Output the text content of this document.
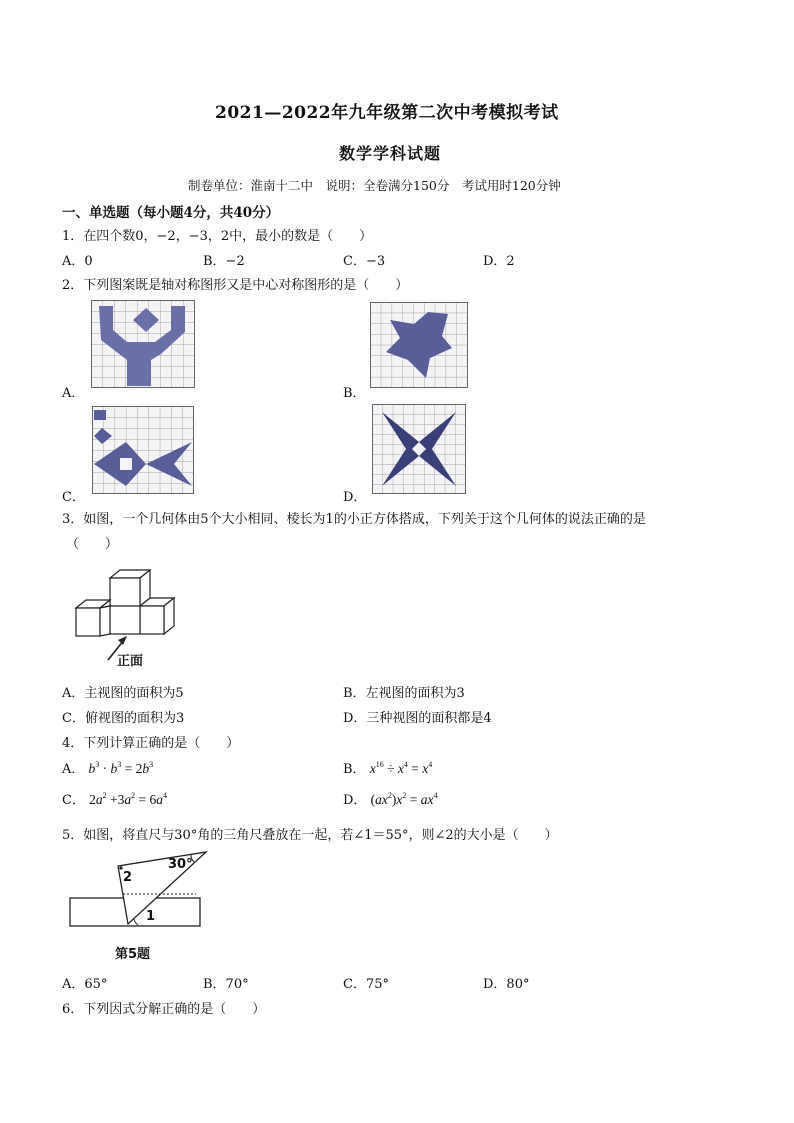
2021—2022年九年级第二次中考模拟考试
数学学科试题
制卷单位：淮南十二中　说明：全卷满分150分　考试用时120分钟
一、单选题（每小题4分，共40分）
1．在四个数0，−2，−3，2中，最小的数是（　　）
A．0	B．−2	C．−3	D．2
2．下列图案既是轴对称图形又是中心对称图形的是（　　）
A．	B．
C．	D．
3．如图，一个几何体由5个大小相同、棱长为1的小正方体搭成，下列关于这个几何体的说法正确的是
（　　）
正面
A．主视图的面积为5	B．左视图的面积为3
C．俯视图的面积为3	D．三种视图的面积都是4
4．下列计算正确的是（　　）
A． $b^3 \cdot b^3 = 2b^3$	B． $x^{16} \div x^4 = x^4$
C． $2a^2 +3a^2 = 6a^4$	D． $(ax^2)x^2 = ax^4$
5．如图，将直尺与30°角的三角尺叠放在一起，若∠1＝55°，则∠2的大小是（　　）
30°
2
1
第5题
A．65°	B．70°	C．75°	D．80°
6．下列因式分解正确的是（　　）
